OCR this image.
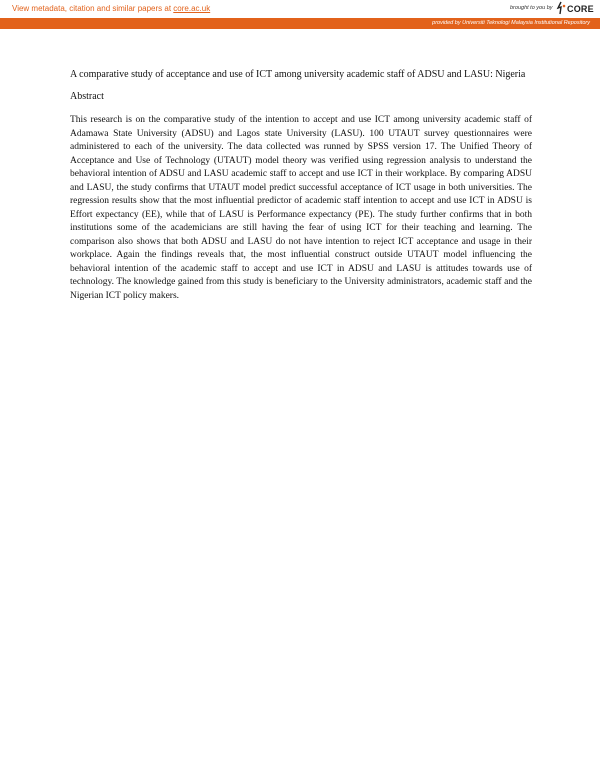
View metadata, citation and similar papers at core.ac.uk	brought to you by CORE
provided by Universiti Teknologi Malaysia Institutional Repository

A comparative study of acceptance and use of ICT among university academic staff of ADSU and LASU: Nigeria

Abstract

This research is on the comparative study of the intention to accept and use ICT among university academic staff of Adamawa State University (ADSU) and Lagos state University (LASU). 100 UTAUT survey questionnaires were administered to each of the university. The data collected was runned by SPSS version 17. The Unified Theory of Acceptance and Use of Technology (UTAUT) model theory was verified using regression analysis to understand the behavioral intention of ADSU and LASU academic staff to accept and use ICT in their workplace. By comparing ADSU and LASU, the study confirms that UTAUT model predict successful acceptance of ICT usage in both universities. The regression results show that the most influential predictor of academic staff intention to accept and use ICT in ADSU is Effort expectancy (EE), while that of LASU is Performance expectancy (PE). The study further confirms that in both institutions some of the academicians are still having the fear of using ICT for their teaching and learning. The comparison also shows that both ADSU and LASU do not have intention to reject ICT acceptance and usage in their workplace. Again the findings reveals that, the most influential construct outside UTAUT model influencing the behavioral intention of the academic staff to accept and use ICT in ADSU and LASU is attitudes towards use of technology. The knowledge gained from this study is beneficiary to the University administrators, academic staff and the Nigerian ICT policy makers.
